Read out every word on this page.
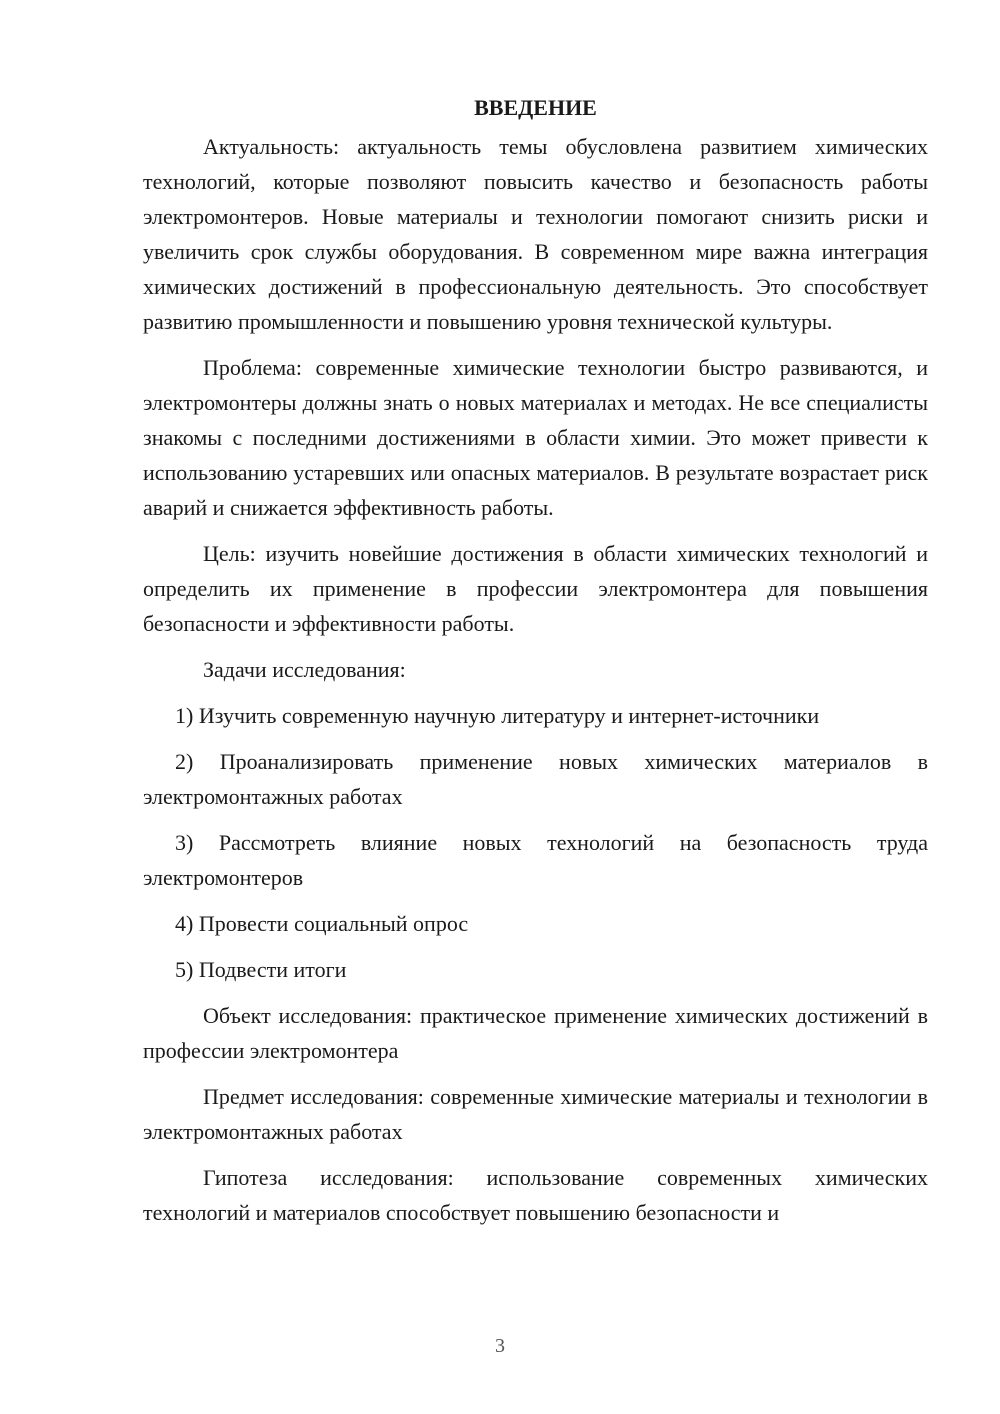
ВВЕДЕНИЕ

Актуальность: актуальность темы обусловлена развитием химических технологий, которые позволяют повысить качество и безопасность работы электромонтеров. Новые материалы и технологии помогают снизить риски и увеличить срок службы оборудования. В современном мире важна интеграция химических достижений в профессиональную деятельность. Это способствует развитию промышленности и повышению уровня технической культуры.

Проблема: современные химические технологии быстро развиваются, и электромонтеры должны знать о новых материалах и методах. Не все специалисты знакомы с последними достижениями в области химии. Это может привести к использованию устаревших или опасных материалов. В результате возрастает риск аварий и снижается эффективность работы.

Цель: изучить новейшие достижения в области химических технологий и определить их применение в профессии электромонтера для повышения безопасности и эффективности работы.

Задачи исследования:

1) Изучить современную научную литературу и интернет-источники

2) Проанализировать применение новых химических материалов в электромонтажных работах

3) Рассмотреть влияние новых технологий на безопасность труда электромонтеров

4) Провести социальный опрос

5) Подвести итоги

Объект исследования: практическое применение химических достижений в профессии электромонтера

Предмет исследования: современные химические материалы и технологии в электромонтажных работах

Гипотеза исследования: использование современных химических технологий и материалов способствует повышению безопасности и

3
